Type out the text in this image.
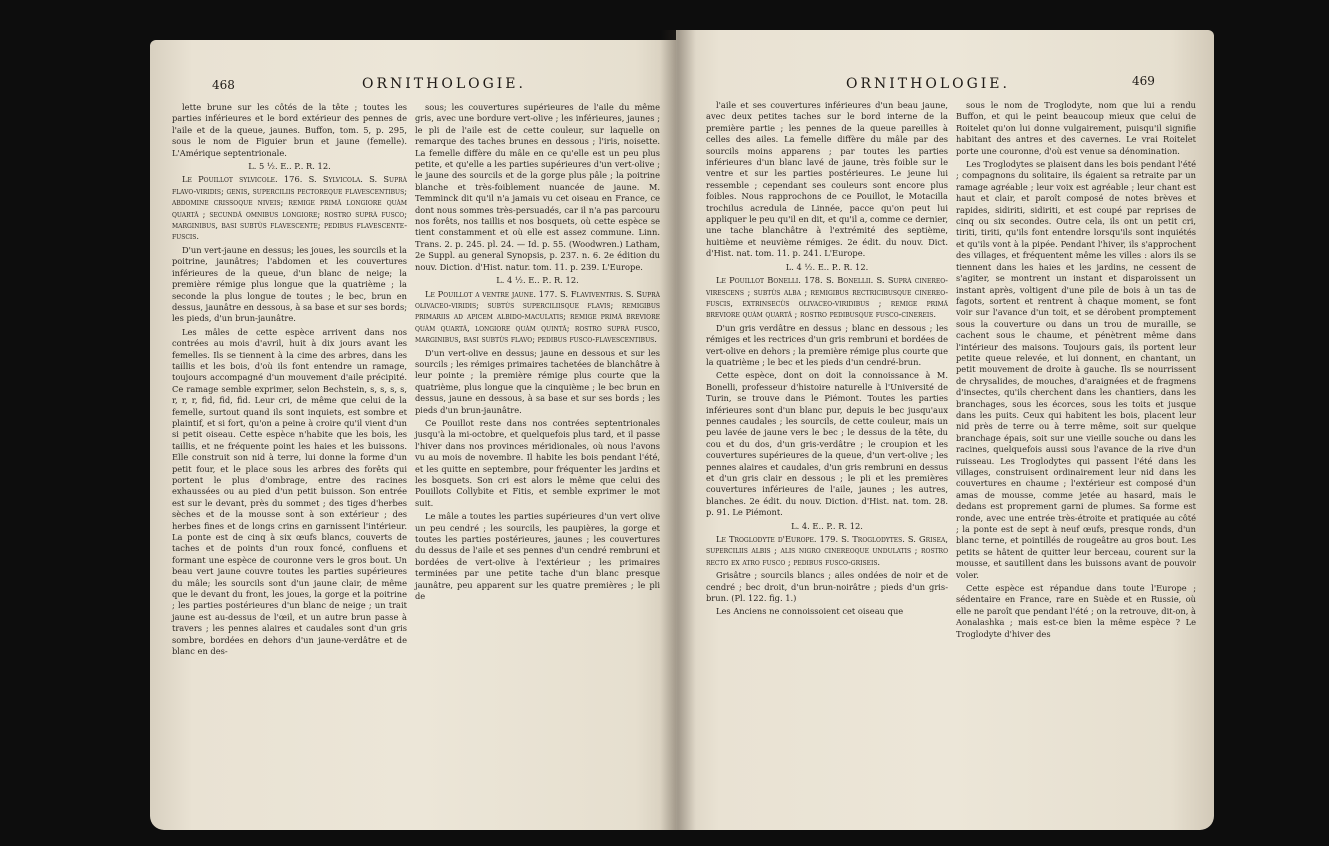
468	ORNITHOLOGIE.

lette brune sur les côtés de la tête ; toutes les parties inférieures et le bord extérieur des pennes de l'aile et de la queue, jaunes. Buffon, tom. 5, p. 295, sous le nom de Figuier brun et jaune (femelle). L'Amérique septentrionale.

L. 5 ½. E.. P.. R. 12.

Le Pouillot sylvicole. 176. S. Sylvicola. S. Suprà flavo-viridis; genis, superciliis pectoreque flavescentibus; abdomine crissoque niveis; remige primâ longiore quàm quartâ ; secundâ omnibus longiore; rostro suprà fusco; marginibus, basi subtùs flavescente; pedibus flavescente-fuscis.

D'un vert-jaune en dessus; les joues, les sourcils et la poitrine, jaunâtres; l'abdomen et les couvertures inférieures de la queue, d'un blanc de neige; la première rémige plus longue que la quatrième ; la seconde la plus longue de toutes ; le bec, brun en dessus, jaunâtre en dessous, à sa base et sur ses bords; les pieds, d'un brun-jaunâtre.

Les mâles de cette espèce arrivent dans nos contrées au mois d'avril, huit à dix jours avant les femelles. Ils se tiennent à la cime des arbres, dans les taillis et les bois, d'où ils font entendre un ramage, toujours accompagné d'un mouvement d'aile précipité. Ce ramage semble exprimer, selon Bechstein, s, s, s, s, r, r, r, fid, fid, fid. Leur cri, de même que celui de la femelle, surtout quand ils sont inquiets, est sombre et plaintif, et si fort, qu'on a peine à croire qu'il vient d'un si petit oiseau. Cette espèce n'habite que les bois, les taillis, et ne fréquente point les haies et les buissons. Elle construit son nid à terre, lui donne la forme d'un petit four, et le place sous les arbres des forêts qui portent le plus d'ombrage, entre des racines exhaussées ou au pied d'un petit buisson. Son entrée est sur le devant, près du sommet ; des tiges d'herbes sèches et de la mousse sont à son extérieur ; des herbes fines et de longs crins en garnissent l'intérieur. La ponte est de cinq à six œufs blancs, couverts de taches et de points d'un roux foncé, confluens et formant une espèce de couronne vers le gros bout. Un beau vert jaune couvre toutes les parties supérieures du mâle; les sourcils sont d'un jaune clair, de même que le devant du front, les joues, la gorge et la poitrine ; les parties postérieures d'un blanc de neige ; un trait jaune est au-dessus de l'œil, et un autre brun passe à travers ; les pennes alaires et caudales sont d'un gris sombre, bordées en dehors d'un jaune-verdâtre et de blanc en des-

sous; les couvertures supérieures de l'aile du même gris, avec une bordure vert-olive ; les inférieures, jaunes ; le pli de l'aile est de cette couleur, sur laquelle on remarque des taches brunes en dessous ; l'iris, noisette. La femelle diffère du mâle en ce qu'elle est un peu plus petite, et qu'elle a les parties supérieures d'un vert-olive ; le jaune des sourcils et de la gorge plus pâle ; la poitrine blanche et très-foiblement nuancée de jaune. M. Temminck dit qu'il n'a jamais vu cet oiseau en France, ce dont nous sommes très-persuadés, car il n'a pas parcouru nos forêts, nos taillis et nos bosquets, où cette espèce se tient constamment et où elle est assez commune. Linn. Trans. 2. p. 245. pl. 24. — Id. p. 55. (Woodwren.) Latham, 2e Suppl. au general Synopsis, p. 237. n. 6. 2e édition du nouv. Diction. d'Hist. natur. tom. 11. p. 239. L'Europe.

L. 4 ½. E.. P.. R. 12.

Le Pouillot a ventre jaune. 177. S. Flaviventris. S. Suprà olivaceo-viridis; subtùs superciliisque flavis; remigibus primariis ad apicem albido-maculatis; remige primâ breviore quàm quartâ, longiore quàm quintâ; rostro suprà fusco, marginibus, basi subtùs flavo; pedibus fusco-flavescentibus.

D'un vert-olive en dessus; jaune en dessous et sur les sourcils ; les rémiges primaires tachetées de blanchâtre à leur pointe ; la première rémige plus courte que la quatrième, plus longue que la cinquième ; le bec brun en dessus, jaune en dessous, à sa base et sur ses bords ; les pieds d'un brun-jaunâtre.

Ce Pouillot reste dans nos contrées septentrionales jusqu'à la mi-octobre, et quelquefois plus tard, et il passe l'hiver dans nos provinces méridionales, où nous l'avons vu au mois de novembre. Il habite les bois pendant l'été, et les quitte en septembre, pour fréquenter les jardins et les bosquets. Son cri est alors le même que celui des Pouillots Collybite et Fitis, et semble exprimer le mot suit.

Le mâle a toutes les parties supérieures d'un vert olive un peu cendré ; les sourcils, les paupières, la gorge et toutes les parties postérieures, jaunes ; les couvertures du dessus de l'aile et ses pennes d'un cendré rembruni et bordées de vert-olive à l'extérieur ; les primaires terminées par une petite tache d'un blanc presque jaunâtre, peu apparent sur les quatre premières ; le pli de

ORNITHOLOGIE.	469

l'aile et ses couvertures inférieures d'un beau jaune, avec deux petites taches sur le bord interne de la première partie ; les pennes de la queue pareilles à celles des ailes. La femelle diffère du mâle par des sourcils moins apparens ; par toutes les parties inférieures d'un blanc lavé de jaune, très foible sur le ventre et sur les parties postérieures. Le jeune lui ressemble ; cependant ses couleurs sont encore plus foibles. Nous rapprochons de ce Pouillot, le Motacilla trochilus acredula de Linnée, pacce qu'on peut lui appliquer le peu qu'il en dit, et qu'il a, comme ce dernier, une tache blanchâtre à l'extrémité des septième, huitième et neuvième rémiges. 2e édit. du nouv. Dict. d'Hist. nat. tom. 11. p. 241. L'Europe.

L. 4 ½. E.. P.. R. 12.

Le Pouillot Bonelli. 178. S. Bonellii. S. Suprà cinereo-virescens ; subtùs alba ; remigibus rectricibusque cinereo-fuscis, extrinsecùs olivaceo-viridibus ; remige primâ breviore quàm quartâ ; rostro pedibusque fusco-cinereis.

D'un gris verdâtre en dessus ; blanc en dessous ; les rémiges et les rectrices d'un gris rembruni et bordées de vert-olive en dehors ; la première rémige plus courte que la quatrième ; le bec et les pieds d'un cendré-brun.

Cette espèce, dont on doit la connoissance à M. Bonelli, professeur d'histoire naturelle à l'Université de Turin, se trouve dans le Piémont. Toutes les parties inférieures sont d'un blanc pur, depuis le bec jusqu'aux pennes caudales ; les sourcils, de cette couleur, mais un peu lavée de jaune vers le bec ; le dessus de la tête, du cou et du dos, d'un gris-verdâtre ; le croupion et les couvertures supérieures de la queue, d'un vert-olive ; les pennes alaires et caudales, d'un gris rembruni en dessus et d'un gris clair en dessous ; le pli et les premières couvertures inférieures de l'aile, jaunes ; les autres, blanches. 2e édit. du nouv. Diction. d'Hist. nat. tom. 28. p. 91. Le Piémont.

L. 4. E.. P.. R. 12.

Le Troglodyte d'Europe. 179. S. Troglodytes. S. Grisea, superciliis albis ; alis nigro cinereoque undulatis ; rostro recto ex atro fusco ; pedibus fusco-griseis.

Grisâtre ; sourcils blancs ; ailes ondées de noir et de cendré ; bec droit, d'un brun-noirâtre ; pieds d'un gris-brun. (Pl. 122. fig. 1.)

Les Anciens ne connoissoient cet oiseau que

sous le nom de Troglodyte, nom que lui a rendu Buffon, et qui le peint beaucoup mieux que celui de Roitelet qu'on lui donne vulgairement, puisqu'il signifie habitant des antres et des cavernes. Le vrai Roitelet porte une couronne, d'où est venue sa dénomination.

Les Troglodytes se plaisent dans les bois pendant l'été ; compagnons du solitaire, ils égaient sa retraite par un ramage agréable ; leur voix est agréable ; leur chant est haut et clair, et paroît composé de notes brèves et rapides, sidiriti, sidiriti, et est coupé par reprises de cinq ou six secondes. Outre cela, ils ont un petit cri, tiriti, tiriti, qu'ils font entendre lorsqu'ils sont inquiétés et qu'ils vont à la pipée. Pendant l'hiver, ils s'approchent des villages, et fréquentent même les villes : alors ils se tiennent dans les haies et les jardins, ne cessent de s'agiter, se montrent un instant et disparoissent un instant après, voltigent d'une pile de bois à un tas de fagots, sortent et rentrent à chaque moment, se font voir sur l'avance d'un toit, et se dérobent promptement sous la couverture ou dans un trou de muraille, se cachent sous le chaume, et pénètrent même dans l'intérieur des maisons. Toujours gais, ils portent leur petite queue relevée, et lui donnent, en chantant, un petit mouvement de droite à gauche. Ils se nourrissent de chrysalides, de mouches, d'araignées et de fragmens d'insectes, qu'ils cherchent dans les chantiers, dans les branchages, sous les écorces, sous les toits et jusque dans les puits. Ceux qui habitent les bois, placent leur nid près de terre ou à terre même, soit sur quelque branchage épais, soit sur une vieille souche ou dans les racines, quelquefois aussi sous l'avance de la rive d'un ruisseau. Les Troglodytes qui passent l'été dans les villages, construisent ordinairement leur nid dans les couvertures en chaume ; l'extérieur est composé d'un amas de mousse, comme jetée au hasard, mais le dedans est proprement garni de plumes. Sa forme est ronde, avec une entrée très-étroite et pratiquée au côté ; la ponte est de sept à neuf œufs, presque ronds, d'un blanc terne, et pointillés de rougeâtre au gros bout. Les petits se hâtent de quitter leur berceau, courent sur la mousse, et sautillent dans les buissons avant de pouvoir voler.

Cette espèce est répandue dans toute l'Europe ; sédentaire en France, rare en Suède et en Russie, où elle ne paroît que pendant l'été ; on la retrouve, dit-on, à Aonalashka ; mais est-ce bien la même espèce ? Le Troglodyte d'hiver des
